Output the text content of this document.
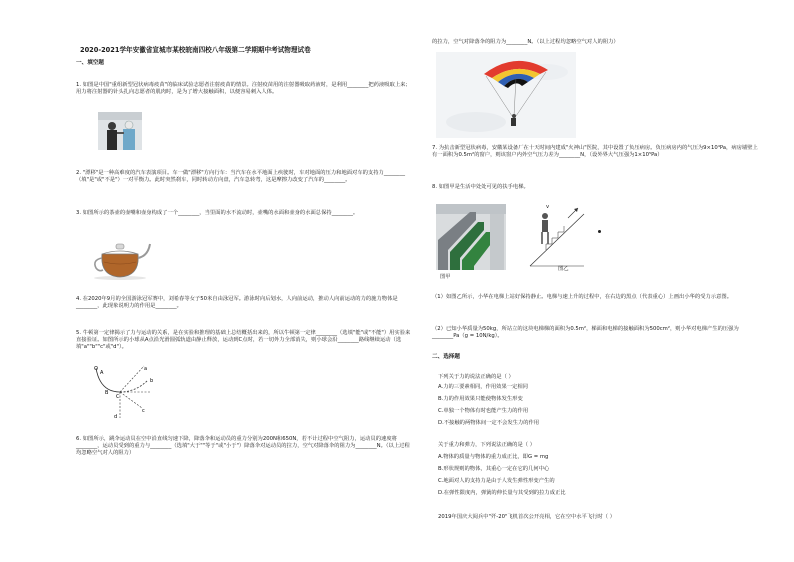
2020-2021学年安徽省宣城市某校皖南四校八年级第二学期期中考试物理试卷
一、填空题
1. 如图是中国"重组新型冠状病毒疫苗"的临床试验志愿者注射疫苗的情景。注射疫苗用的注射器吸取药液时，是利用________把药液吸取上来；用力将注射器的针头扎向志愿者的肌肉时，是为了增大接触面积，以便容易刺入人体。
2. "漂移"是一种高难度的汽车表演项目。车一做"漂移"方向行车：当汽车在水平地面上疾驶时，车对地面的压力和地面对车的支持力________（填"是"或"不是"）一对平衡力。此时突然刹车，同时转动方向盘，汽车急转弯，这是摩擦力改变了汽车的________。
3. 如图所示的茶壶的壶嘴和壶身构成了一个________，当里面的水不流动时，壶嘴的水面和壶身的水面总保持________。
4. 在2020年9月的全国游泳冠军赛中，刘希春等女子50米自由泳冠军。游泳时向后划水，人向前运动，推动人向前运动的力的施力物体是________，此现象说明力的作用是________。
5. 牛顿第一定律揭示了力与运动的关系，是在实验和推理的基础上总结概括出来的，所以牛顿第一定律________（选填"能"或"不能"）用实验来直接验证。如图所示的小球从A点沿光滑圆弧轨道由静止释放，运动到C点时，若一切外力全部消失，则小球会沿________路线继续运动（选填"a""b""c"或"d"）。
A
B
C
a
b
c
d
6. 如图所示，跳伞运动员在空中沿直线匀速下降，降落伞和运动员的重力分别为200N和650N，若不计过程中空气阻力，运动员的速度将________，运动员受到的重力与________（选填"大于""等于"或"小于"）降落伞对运动员的拉力，空气对降落伞的阻力为________N。（以上过程均忽略空气对人的阻力）
的拉力，空气对降落伞的阻力为________N。（以上过程均忽略空气对人的阻力）
7. 为抗击新型冠状病毒，安徽某设备厂在十天时间内建成"火神山"医院，其中设置了负压病房。负压病房内的气压为9×10⁴Pa，病房墙壁上有一面积为0.5m²的窗户，则该窗户内外空气压力差为________N，（设外界大气压强为1×10⁵Pa）
8. 如图甲是生活中处处可见的扶手电梯。
图甲
v
图乙
（1）如图乙所示，小华在电梯上站好保持静止。电梯与速上升的过程中，在右边的黑点（代表重心）上画出小华的受力示意图。
（2）已知小华质量为50kg，所站立的这块电梯梯的面积为0.5m²，梯面和电梯的接触面积为500cm²，则小华对电梯产生的压强为________Pa（g = 10N/kg）。
二、选择题
下列关于力的说法正确的是（ ）
A.力的三要素相同，作用效果一定相同
B.力的作用效果只能使物体发生形变
C.单独一个物体有时也能产生力的作用
D.不接触的两物体间一定不会发生力的作用
关于重力和弹力，下列说法正确的是（ ）
A.物体的质量与物体的重力成正比，即G = mg
B.形状规则的物体，其重心一定在它的几何中心
C.地面对人的支持力是由于人发生弹性形变产生的
D.在弹性限度内，弹簧的伸长量与其受到的拉力成正比
2019年国庆大阅兵中"歼-20"飞机首次公开亮相，它在空中水平飞行时（ ）
